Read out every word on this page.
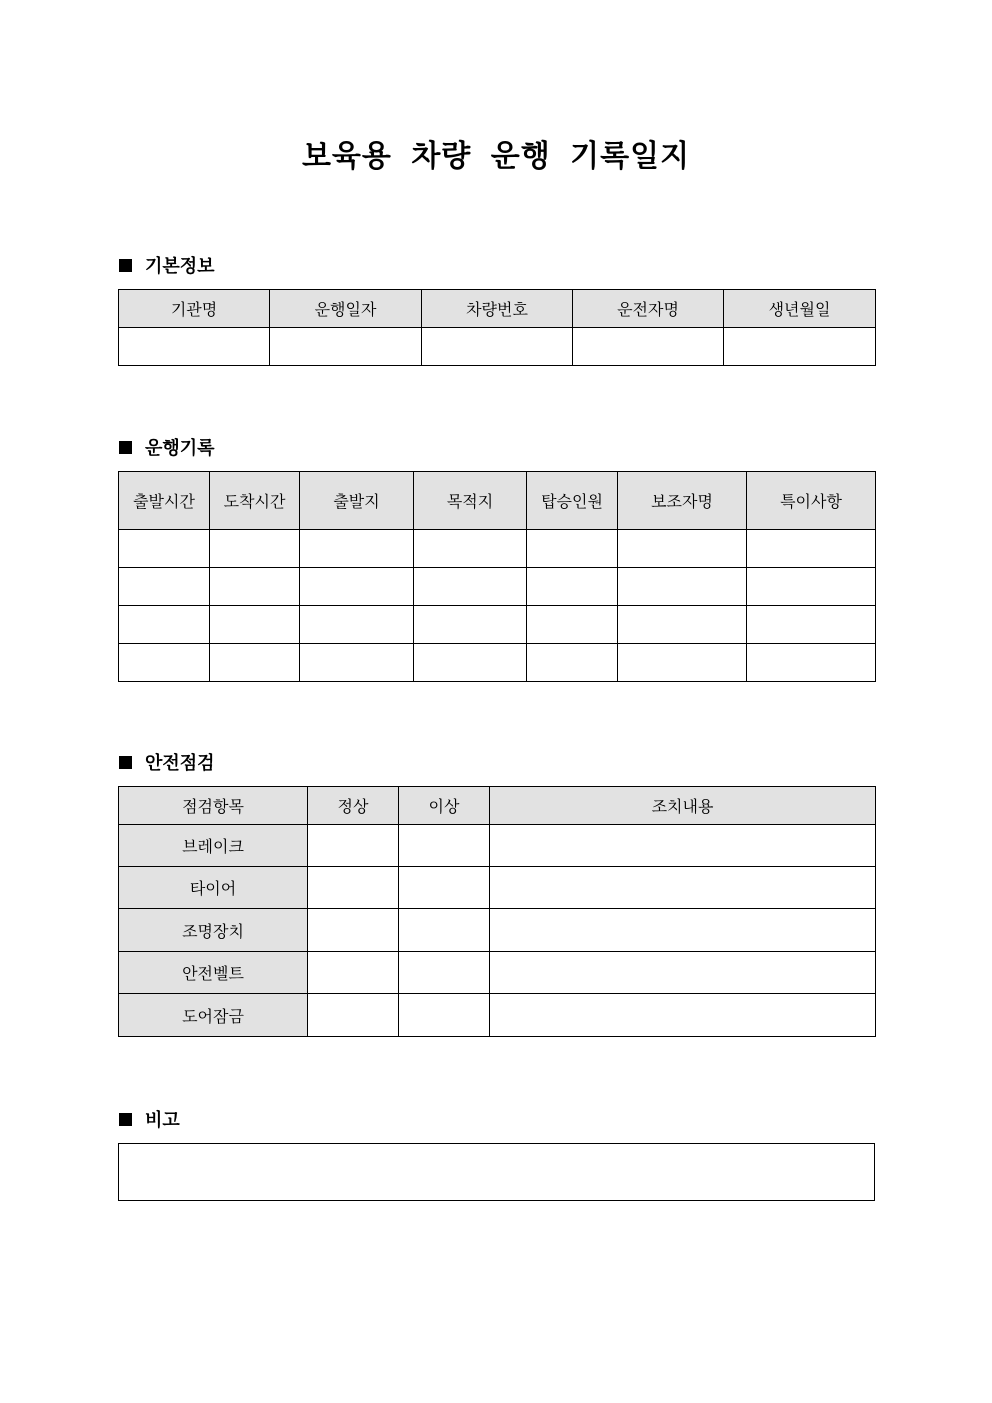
보육용 차량 운행 기록일지
기본정보
기관명	운행일자	차량번호	운전자명	생년월일

운행기록
출발시간	도착시간	출발지	목적지	탑승인원	보조자명	특이사항

안전점검
점검항목	정상	이상	조치내용
브레이크			
타이어			
조명장치			
안전벨트			
도어잠금			
비고
